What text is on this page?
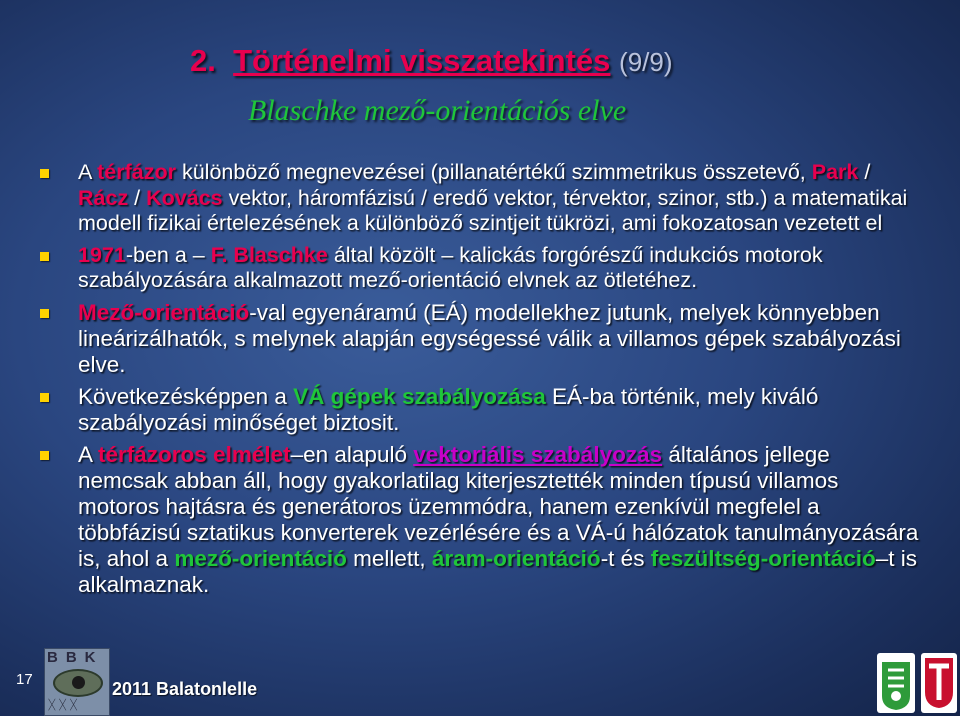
2. Történelmi visszatekintés (9/9)
Blaschke mező-orientációs elve
A térfázor különböző megnevezései (pillanatértékű szimmetrikus összetevő, Park / Rácz / Kovács vektor, háromfázisú / eredő vektor, térvektor, szinor, stb.) a matematikai modell fizikai értelezésének a különböző szintjeit tükrözi, ami fokozatosan vezetett el
1971-ben a – F. Blaschke által közölt – kalickás forgórészű indukciós motorok szabályozására alkalmazott mező-orientáció elvnek az ötletéhez.
Mező-orientáció-val egyenáramú (EÁ) modellekhez jutunk, melyek könnyebben lineárizálhatók, s melynek alapján egységessé válik a villamos gépek szabályozási elve.
Következésképpen a VÁ gépek szabályozása EÁ-ba történik, mely kiváló szabályozási minőséget biztosit.
A térfázoros elmélet–en alapuló vektoriális szabályozás általános jellege nemcsak abban áll, hogy gyakorlatilag kiterjesztették minden típusú villamos motoros hajtásra és generátoros üzemmódra, hanem ezenkívül megfelel a többfázisú sztatikus konverterek vezérlésére és a VÁ-ú hálózatok tanulmányozására is, ahol a mező-orientáció mellett, áram-orientáció-t és feszültség-orientáció–t is alkalmaznak.
17
BBK
ᚷᚷᚷ
2011 Balatonlelle
